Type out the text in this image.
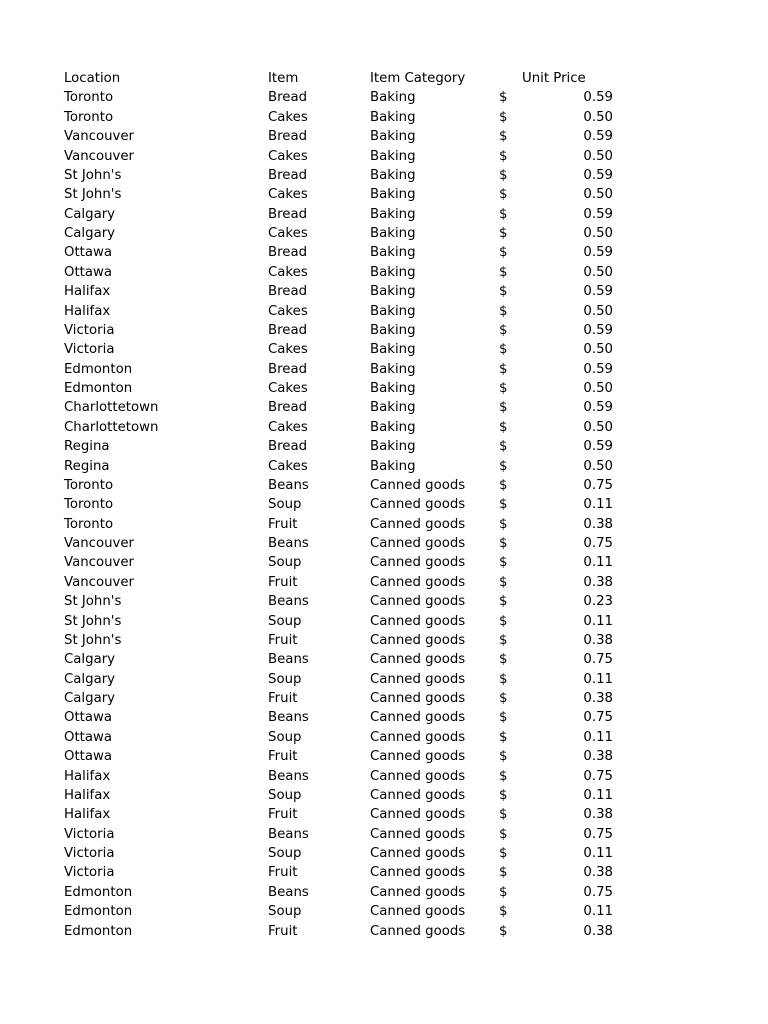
Location	Item	Item Category	Unit Price
Toronto	Bread	Baking	$	0.59
Toronto	Cakes	Baking	$	0.50
Vancouver	Bread	Baking	$	0.59
Vancouver	Cakes	Baking	$	0.50
St John's	Bread	Baking	$	0.59
St John's	Cakes	Baking	$	0.50
Calgary	Bread	Baking	$	0.59
Calgary	Cakes	Baking	$	0.50
Ottawa	Bread	Baking	$	0.59
Ottawa	Cakes	Baking	$	0.50
Halifax	Bread	Baking	$	0.59
Halifax	Cakes	Baking	$	0.50
Victoria	Bread	Baking	$	0.59
Victoria	Cakes	Baking	$	0.50
Edmonton	Bread	Baking	$	0.59
Edmonton	Cakes	Baking	$	0.50
Charlottetown	Bread	Baking	$	0.59
Charlottetown	Cakes	Baking	$	0.50
Regina	Bread	Baking	$	0.59
Regina	Cakes	Baking	$	0.50
Toronto	Beans	Canned goods	$	0.75
Toronto	Soup	Canned goods	$	0.11
Toronto	Fruit	Canned goods	$	0.38
Vancouver	Beans	Canned goods	$	0.75
Vancouver	Soup	Canned goods	$	0.11
Vancouver	Fruit	Canned goods	$	0.38
St John's	Beans	Canned goods	$	0.23
St John's	Soup	Canned goods	$	0.11
St John's	Fruit	Canned goods	$	0.38
Calgary	Beans	Canned goods	$	0.75
Calgary	Soup	Canned goods	$	0.11
Calgary	Fruit	Canned goods	$	0.38
Ottawa	Beans	Canned goods	$	0.75
Ottawa	Soup	Canned goods	$	0.11
Ottawa	Fruit	Canned goods	$	0.38
Halifax	Beans	Canned goods	$	0.75
Halifax	Soup	Canned goods	$	0.11
Halifax	Fruit	Canned goods	$	0.38
Victoria	Beans	Canned goods	$	0.75
Victoria	Soup	Canned goods	$	0.11
Victoria	Fruit	Canned goods	$	0.38
Edmonton	Beans	Canned goods	$	0.75
Edmonton	Soup	Canned goods	$	0.11
Edmonton	Fruit	Canned goods	$	0.38
